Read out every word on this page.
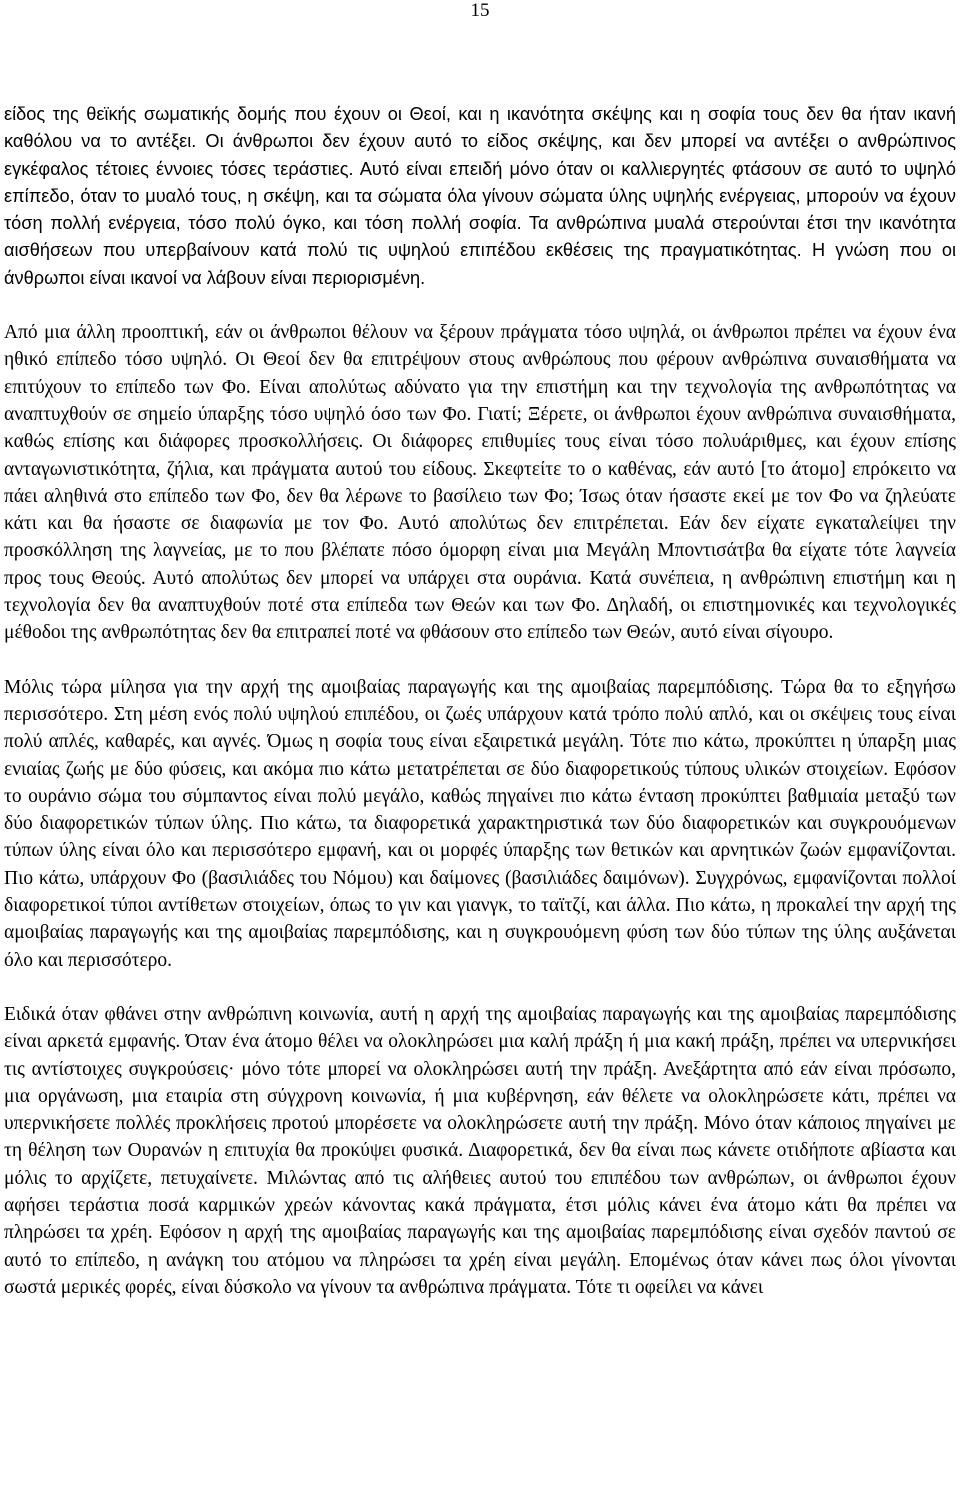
15

είδος της θεϊκής σωματικής δομής που έχουν οι Θεοί, και η ικανότητα σκέψης και η σοφία τους δεν θα ήταν ικανή καθόλου να το αντέξει. Οι άνθρωποι δεν έχουν αυτό το είδος σκέψης, και δεν μπορεί να αντέξει ο ανθρώπινος εγκέφαλος τέτοιες έννοιες τόσες τεράστιες. Αυτό είναι επειδή μόνο όταν οι καλλιεργητές φτάσουν σε αυτό το υψηλό επίπεδο, όταν το μυαλό τους, η σκέψη, και τα σώματα όλα γίνουν σώματα ύλης υψηλής ενέργειας, μπορούν να έχουν τόση πολλή ενέργεια, τόσο πολύ όγκο, και τόση πολλή σοφία. Τα ανθρώπινα μυαλά στερούνται έτσι την ικανότητα αισθήσεων που υπερβαίνουν κατά πολύ τις υψηλού επιπέδου εκθέσεις της πραγματικότητας. Η γνώση που οι άνθρωποι είναι ικανοί να λάβουν είναι περιορισμένη.

Από μια άλλη προοπτική, εάν οι άνθρωποι θέλουν να ξέρουν πράγματα τόσο υψηλά, οι άνθρωποι πρέπει να έχουν ένα ηθικό επίπεδο τόσο υψηλό. Οι Θεοί δεν θα επιτρέψουν στους ανθρώπους που φέρουν ανθρώπινα συναισθήματα να επιτύχουν το επίπεδο των Φο. Είναι απολύτως αδύνατο για την επιστήμη και την τεχνολογία της ανθρωπότητας να αναπτυχθούν σε σημείο ύπαρξης τόσο υψηλό όσο των Φο. Γιατί; Ξέρετε, οι άνθρωποι έχουν ανθρώπινα συναισθήματα, καθώς επίσης και διάφορες προσκολλήσεις. Οι διάφορες επιθυμίες τους είναι τόσο πολυάριθμες, και έχουν επίσης ανταγωνιστικότητα, ζήλια, και πράγματα αυτού του είδους. Σκεφτείτε το ο καθένας, εάν αυτό [το άτομο] επρόκειτο να πάει αληθινά στο επίπεδο των Φο, δεν θα λέρωνε το βασίλειο των Φο; Ίσως όταν ήσαστε εκεί με τον Φο να ζηλεύατε κάτι και θα ήσαστε σε διαφωνία με τον Φο. Αυτό απολύτως δεν επιτρέπεται. Εάν δεν είχατε εγκαταλείψει την προσκόλληση της λαγνείας, με το που βλέπατε πόσο όμορφη είναι μια Μεγάλη Μποντισάτβα θα είχατε τότε λαγνεία προς τους Θεούς. Αυτό απολύτως δεν μπορεί να υπάρχει στα ουράνια. Κατά συνέπεια, η ανθρώπινη επιστήμη και η τεχνολογία δεν θα αναπτυχθούν ποτέ στα επίπεδα των Θεών και των Φο. Δηλαδή, οι επιστημονικές και τεχνολογικές μέθοδοι της ανθρωπότητας δεν θα επιτραπεί ποτέ να φθάσουν στο επίπεδο των Θεών, αυτό είναι σίγουρο.

Μόλις τώρα μίλησα για την αρχή της αμοιβαίας παραγωγής και της αμοιβαίας παρεμπόδισης. Τώρα θα το εξηγήσω περισσότερο. Στη μέση ενός πολύ υψηλού επιπέδου, οι ζωές υπάρχουν κατά τρόπο πολύ απλό, και οι σκέψεις τους είναι πολύ απλές, καθαρές, και αγνές. Όμως η σοφία τους είναι εξαιρετικά μεγάλη. Τότε πιο κάτω, προκύπτει η ύπαρξη μιας ενιαίας ζωής με δύο φύσεις, και ακόμα πιο κάτω μετατρέπεται σε δύο διαφορετικούς τύπους υλικών στοιχείων. Εφόσον το ουράνιο σώμα του σύμπαντος είναι πολύ μεγάλο, καθώς πηγαίνει πιο κάτω ένταση προκύπτει βαθμιαία μεταξύ των δύο διαφορετικών τύπων ύλης. Πιο κάτω, τα διαφορετικά χαρακτηριστικά των δύο διαφορετικών και συγκρουόμενων τύπων ύλης είναι όλο και περισσότερο εμφανή, και οι μορφές ύπαρξης των θετικών και αρνητικών ζωών εμφανίζονται. Πιο κάτω, υπάρχουν Φο (βασιλιάδες του Νόμου) και δαίμονες (βασιλιάδες δαιμόνων). Συγχρόνως, εμφανίζονται πολλοί διαφορετικοί τύποι αντίθετων στοιχείων, όπως το γιν και γιανγκ, το ταϊτζί, και άλλα. Πιο κάτω, η προκαλεί την αρχή της αμοιβαίας παραγωγής και της αμοιβαίας παρεμπόδισης, και η συγκρουόμενη φύση των δύο τύπων της ύλης αυξάνεται όλο και περισσότερο.

Ειδικά όταν φθάνει στην ανθρώπινη κοινωνία, αυτή η αρχή της αμοιβαίας παραγωγής και της αμοιβαίας παρεμπόδισης είναι αρκετά εμφανής. Όταν ένα άτομο θέλει να ολοκληρώσει μια καλή πράξη ή μια κακή πράξη, πρέπει να υπερνικήσει τις αντίστοιχες συγκρούσεις· μόνο τότε μπορεί να ολοκληρώσει αυτή την πράξη. Ανεξάρτητα από εάν είναι πρόσωπο, μια οργάνωση, μια εταιρία στη σύγχρονη κοινωνία, ή μια κυβέρνηση, εάν θέλετε να ολοκληρώσετε κάτι, πρέπει να υπερνικήσετε πολλές προκλήσεις προτού μπορέσετε να ολοκληρώσετε αυτή την πράξη. Μόνο όταν κάποιος πηγαίνει με τη θέληση των Ουρανών η επιτυχία θα προκύψει φυσικά. Διαφορετικά, δεν θα είναι πως κάνετε οτιδήποτε αβίαστα και μόλις το αρχίζετε, πετυχαίνετε. Μιλώντας από τις αλήθειες αυτού του επιπέδου των ανθρώπων, οι άνθρωποι έχουν αφήσει τεράστια ποσά καρμικών χρεών κάνοντας κακά πράγματα, έτσι μόλις κάνει ένα άτομο κάτι θα πρέπει να πληρώσει τα χρέη. Εφόσον η αρχή της αμοιβαίας παραγωγής και της αμοιβαίας παρεμπόδισης είναι σχεδόν παντού σε αυτό το επίπεδο, η ανάγκη του ατόμου να πληρώσει τα χρέη είναι μεγάλη. Επομένως όταν κάνει πως όλοι γίνονται σωστά μερικές φορές, είναι δύσκολο να γίνουν τα ανθρώπινα πράγματα. Τότε τι οφείλει να κάνει
